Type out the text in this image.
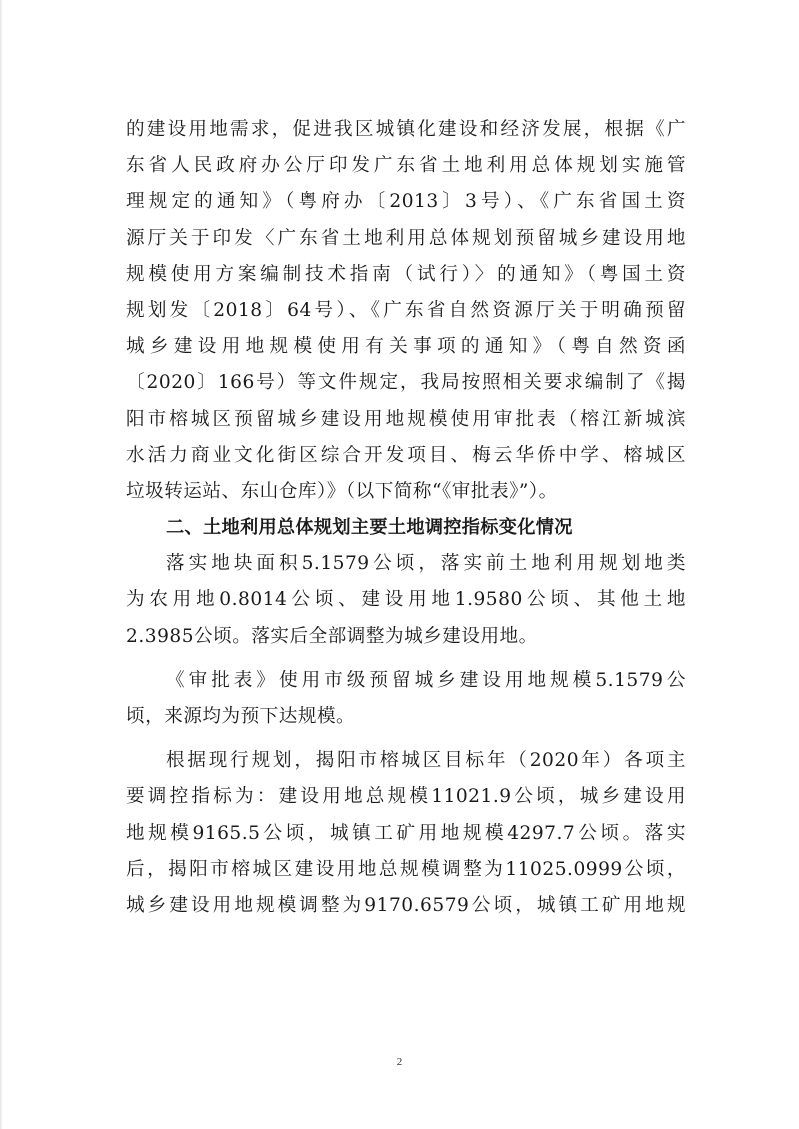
的建设用地需求，促进我区城镇化建设和经济发展，根据《广
东省人民政府办公厅印发广东省土地利用总体规划实施管
理规定的通知》（粤府办〔2013〕3号）、《广东省国土资
源厅关于印发〈广东省土地利用总体规划预留城乡建设用地
规模使用方案编制技术指南（试行）〉的通知》（粤国土资
规划发〔2018〕64号）、《广东省自然资源厅关于明确预留
城乡建设用地规模使用有关事项的通知》（粤自然资函
〔2020〕166号）等文件规定，我局按照相关要求编制了《揭
阳市榕城区预留城乡建设用地规模使用审批表（榕江新城滨
水活力商业文化街区综合开发项目、梅云华侨中学、榕城区
垃圾转运站、东山仓库）》（以下简称“《审批表》”）。
二、土地利用总体规划主要土地调控指标变化情况
落实地块面积5.1579公顷，落实前土地利用规划地类
为农用地0.8014公顷、建设用地1.9580公顷、其他土地
2.3985公顷。落实后全部调整为城乡建设用地。
《审批表》使用市级预留城乡建设用地规模5.1579公
顷，来源均为预下达规模。
根据现行规划，揭阳市榕城区目标年（2020年）各项主
要调控指标为：建设用地总规模11021.9公顷，城乡建设用
地规模9165.5公顷，城镇工矿用地规模4297.7公顷。落实
后，揭阳市榕城区建设用地总规模调整为11025.0999公顷，
城乡建设用地规模调整为9170.6579公顷，城镇工矿用地规
2
